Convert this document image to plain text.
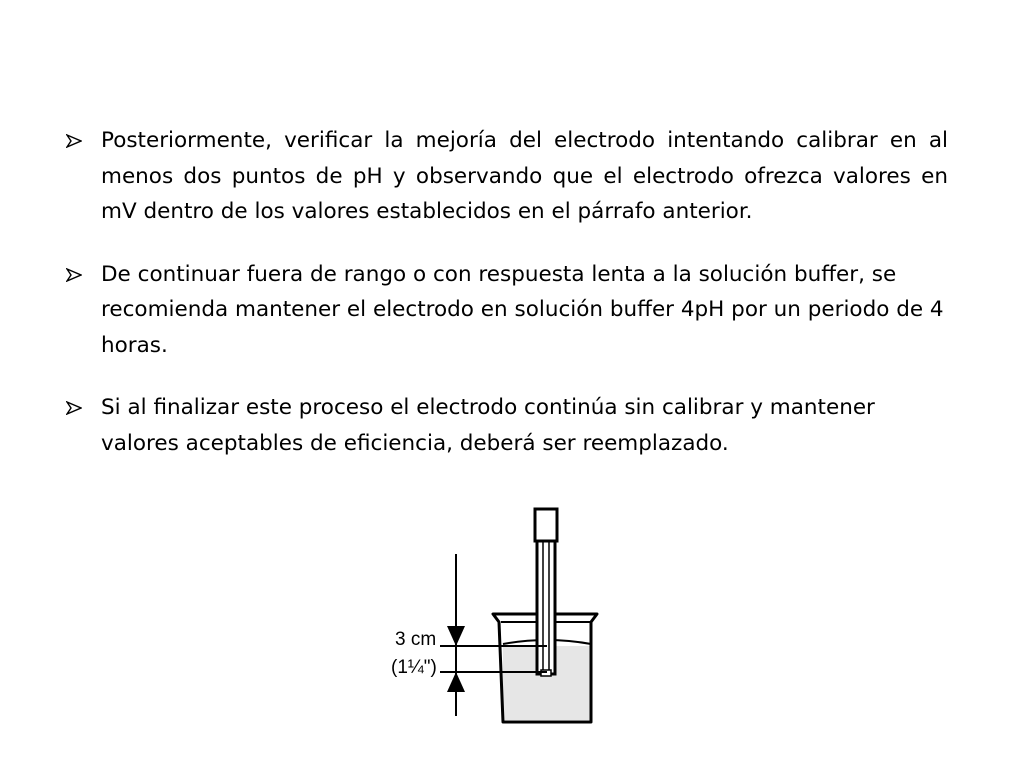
Posteriormente, verificar la mejoría del electrodo intentando calibrar en al menos dos puntos de pH y observando que el electrodo ofrezca valores en mV dentro de los valores establecidos en el párrafo anterior.
De continuar fuera de rango o con respuesta lenta a la solución buffer, se recomienda mantener el electrodo en solución buffer 4pH por un periodo de 4 horas.
Si al finalizar este proceso el electrodo continúa sin calibrar y mantener valores aceptables de eficiencia, deberá ser reemplazado.
3 cm
(1¼")
